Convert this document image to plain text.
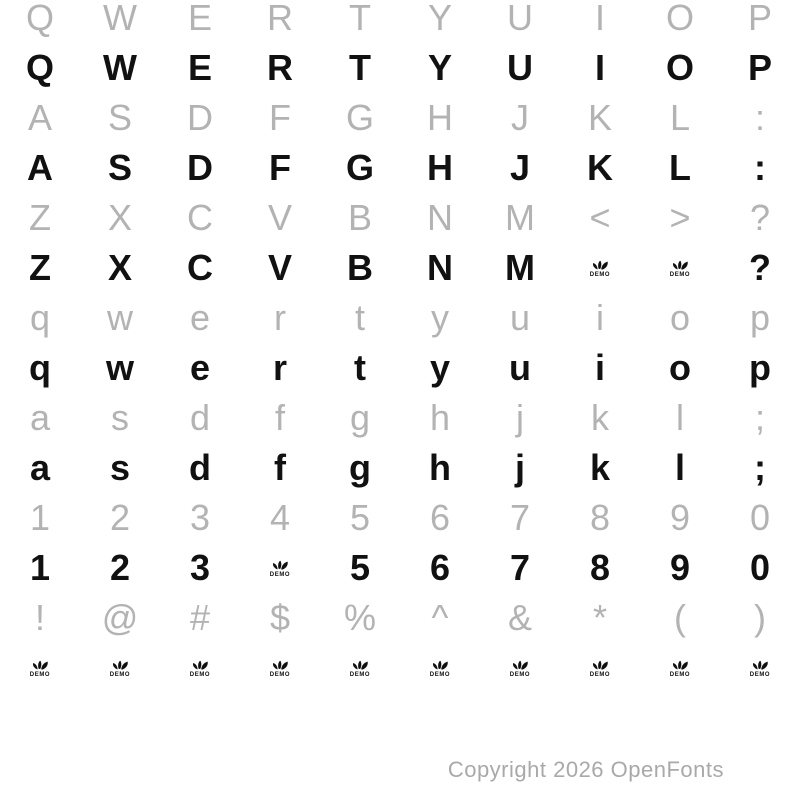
Q W E R T Y U I O P
Q W E R T Y U I O P
A S D F G H J K L :
A S D F G H J K L :
Z X C V B N M < > ?
Z X C V B N M	DEMO	DEMO ?
q w e r t y u i o p
q w e r t y u i o p
a s d f g h j k l ;
a s d f g h j k l ;
1 2 3 4 5 6 7 8 9 0
1 2 3	DEMO 5 6 7 8 9 0
! @ # $ % ^ & * ( )
DEMO	DEMO	DEMO	DEMO	DEMO	DEMO	DEMO	DEMO	DEMO	DEMO
Copyright 2026 OpenFonts
